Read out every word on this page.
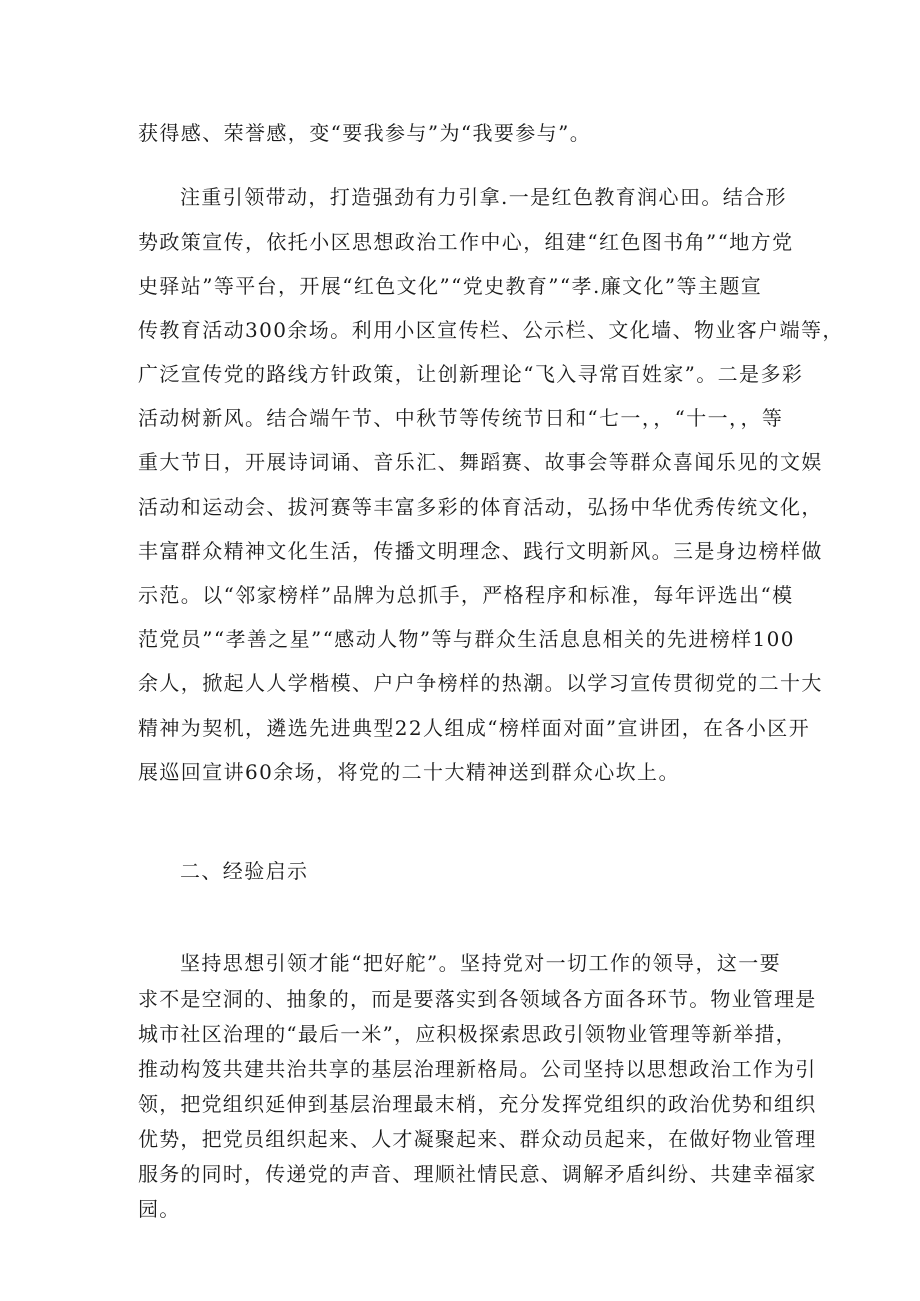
获得感、荣誉感，变“要我参与”为“我要参与”。
注重引领带动，打造强劲有力引拿.一是红色教育润心田。结合形
势政策宣传，依托小区思想政治工作中心，组建“红色图书角”“地方党
史驿站”等平台，开展“红色文化”“党史教育”“孝.廉文化”等主题宣
传教育活动300余场。利用小区宣传栏、公示栏、文化墙、物业客户端等，
广泛宣传党的路线方针政策，让创新理论“飞入寻常百姓家”。二是多彩
活动树新风。结合端午节、中秋节等传统节日和“七一，，“十一，，等
重大节日，开展诗词诵、音乐汇、舞蹈赛、故事会等群众喜闻乐见的文娱
活动和运动会、拔河赛等丰富多彩的体育活动，弘扬中华优秀传统文化，
丰富群众精神文化生活，传播文明理念、践行文明新风。三是身边榜样做
示范。以“邻家榜样”品牌为总抓手，严格程序和标准，每年评选出“模
范党员”“孝善之星”“感动人物”等与群众生活息息相关的先进榜样100
余人，掀起人人学楷模、户户争榜样的热潮。以学习宣传贯彻党的二十大
精神为契机，遴选先进典型22人组成“榜样面对面”宣讲团，在各小区开
展巡回宣讲60余场，将党的二十大精神送到群众心坎上。
二、经验启示
坚持思想引领才能“把好舵”。坚持党对一切工作的领导，这一要
求不是空洞的、抽象的，而是要落实到各领域各方面各环节。物业管理是
城市社区治理的“最后一米”，应积极探索思政引领物业管理等新举措，
推动构笈共建共治共享的基层治理新格局。公司坚持以思想政治工作为引
领，把党组织延伸到基层治理最末梢，充分发挥党组织的政治优势和组织
优势，把党员组织起来、人才凝聚起来、群众动员起来，在做好物业管理
服务的同时，传递党的声音、理顺社情民意、调解矛盾纠纷、共建幸福家
园。
